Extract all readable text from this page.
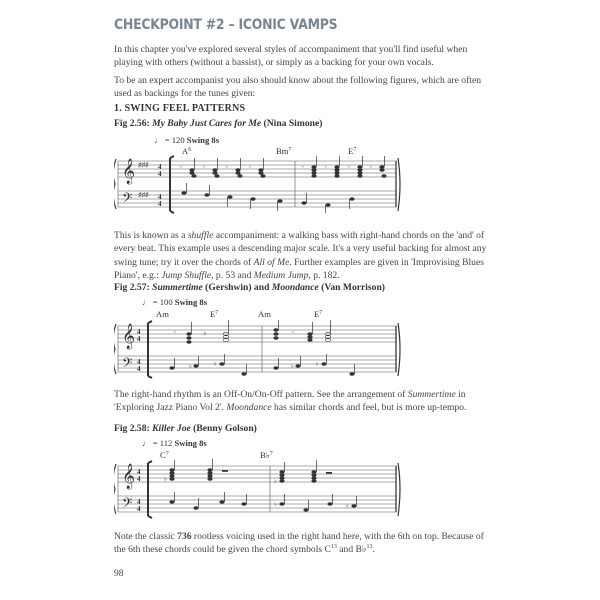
CHECKPOINT #2 – ICONIC VAMPS
In this chapter you've explored several styles of accompaniment that you'll find useful when playing with others (without a bassist), or simply as a backing for your own vocals.
To be an expert accompanist you also should know about the following figures, which are often used as backings for the tunes given:
1. SWING FEEL PATTERNS
Fig 2.56: My Baby Just Cares for Me (Nina Simone)
♩ = 120 Swing 8s
$A^6$	Bm$^7$	$E^7$
𝄞
𝄢
♯♯♯
♯♯♯
4
4
4
4
𝄾	𝄾	𝄾	𝄾	𝄾	𝄾	𝄾	𝄾
This is known as a shuffle accompaniment: a walking bass with right-hand chords on the 'and' of every beat. This example uses a descending major scale. It's a very useful backing for almost any swing tune; try it over the chords of All of Me. Further examples are given in 'Improvising Blues Piano', e.g.: Jump Shuffle, p. 53 and Medium Jump, p. 182.
Fig 2.57: Summertime (Gershwin) and Moondance (Van Morrison)
♩ = 100 Swing 8s
Am	$E^7$	Am	$E^7$
𝄞
𝄢
4
4
4
4
𝄾	𝄽	𝄾
♭	♮	♭	♮
The right-hand rhythm is an Off-On/On-Off pattern. See the arrangement of Summertime in 'Exploring Jazz Piano Vol 2'. Moondance has similar chords and feel, but is more up-tempo.
Fig 2.58: Killer Joe (Benny Golson)
♩ = 112 Swing 8s
$C^7$	B♭$^7$
𝄞
𝄢
4
4
4
4
♭	♭
♭	♮
Note the classic 736 rootless voicing used in the right hand here, with the 6th on top. Because of the 6th these chords could be given the chord symbols $C^{13}$ and B♭$^{13}$.
98
